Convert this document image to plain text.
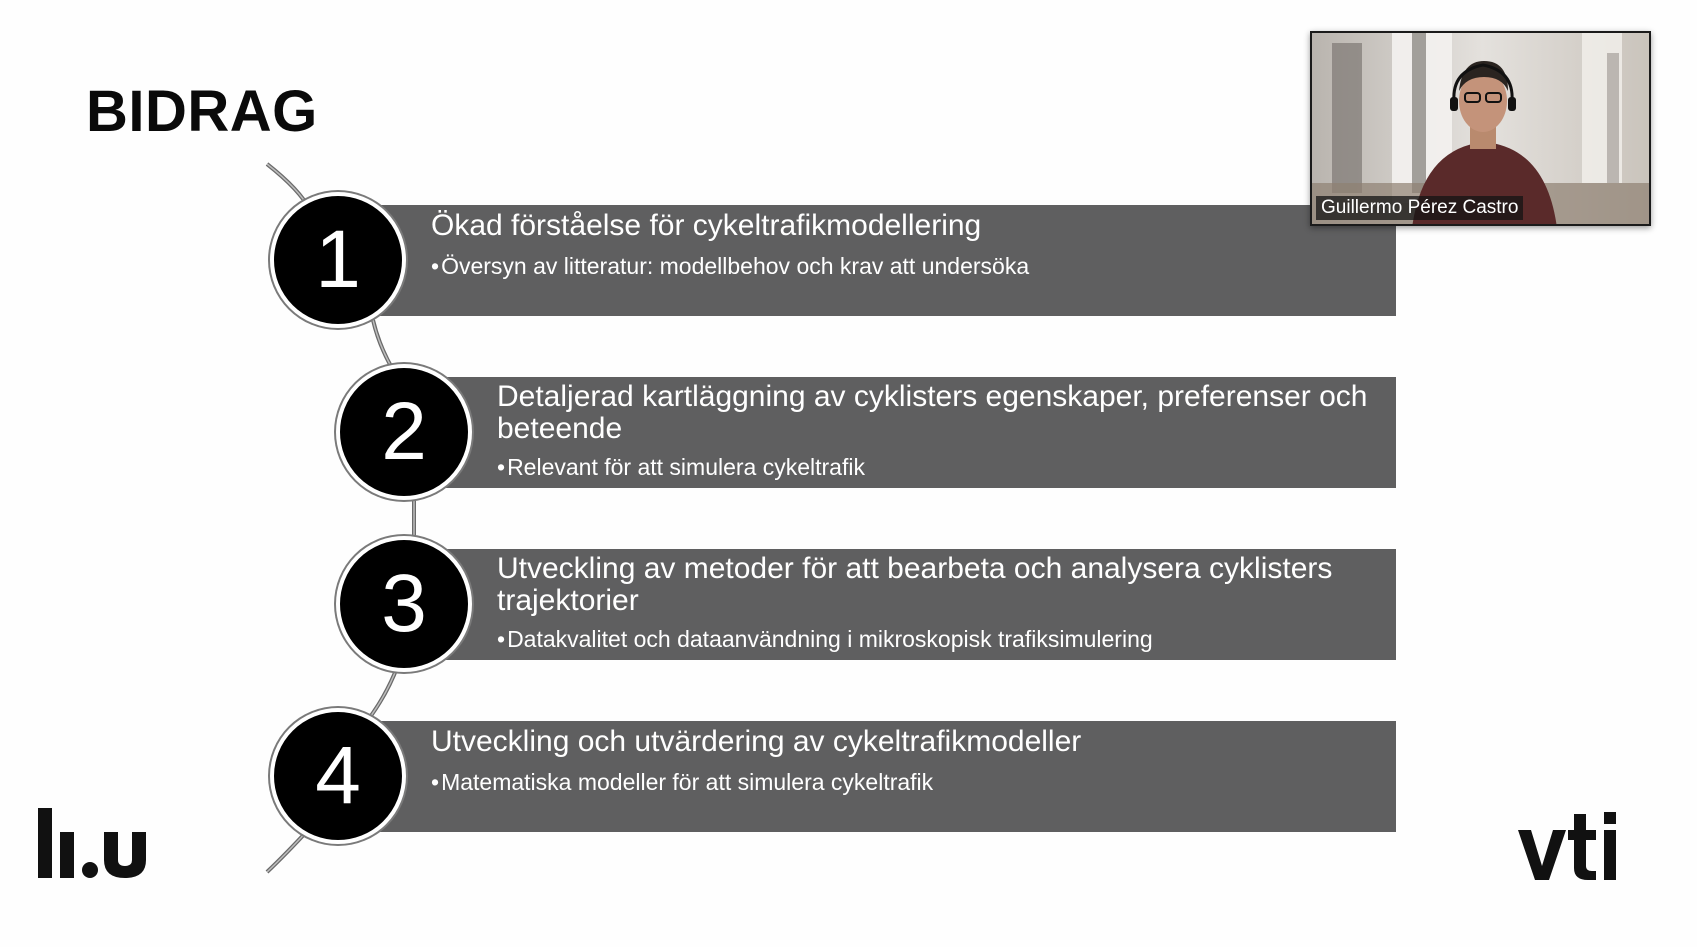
BIDRAG
Ökad förståelse för cykeltrafikmodellering
•Översyn av litteratur: modellbehov och krav att undersöka
1
Detaljerad kartläggning av cyklisters egenskaper, preferenser och beteende
•Relevant för att simulera cykeltrafik
2
Utveckling av metoder för att bearbeta och analysera cyklisters trajektorier
•Datakvalitet och dataanvändning i mikroskopisk trafiksimulering
3
Utveckling och utvärdering av cykeltrafikmodeller
•Matematiska modeller för att simulera cykeltrafik
4
Guillermo Pérez Castro
